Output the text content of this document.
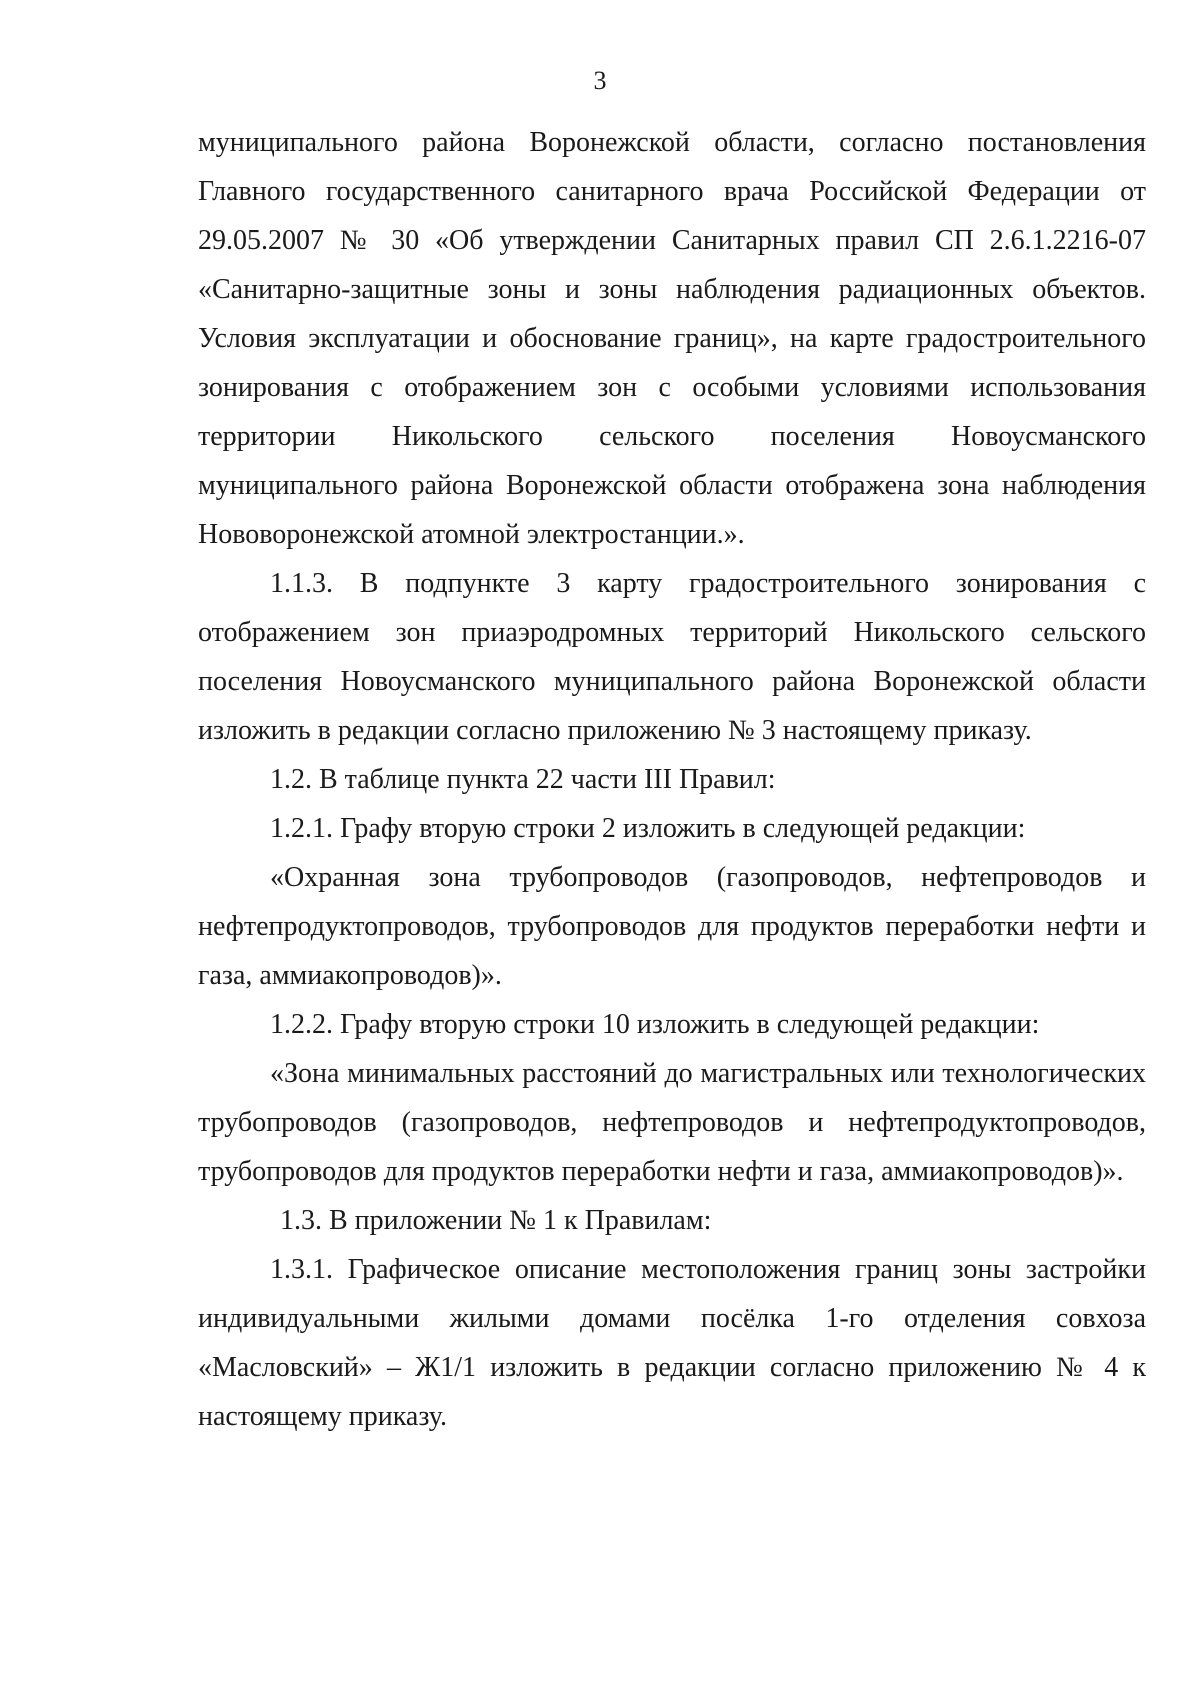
3

муниципального района Воронежской области, согласно постановления Главного государственного санитарного врача Российской Федерации от 29.05.2007 № 30 «Об утверждении Санитарных правил СП 2.6.1.2216-07 «Санитарно-защитные зоны и зоны наблюдения радиационных объектов. Условия эксплуатации и обоснование границ», на карте градостроительного зонирования с отображением зон с особыми условиями использования территории Никольского сельского поселения Новоусманского муниципального района Воронежской области отображена зона наблюдения Нововоронежской атомной электростанции.».

1.1.3. В подпункте 3 карту градостроительного зонирования с отображением зон приаэродромных территорий Никольского сельского поселения Новоусманского муниципального района Воронежской области изложить в редакции согласно приложению № 3 настоящему приказу.

1.2. В таблице пункта 22 части III Правил:

1.2.1. Графу вторую строки 2 изложить в следующей редакции:

«Охранная зона трубопроводов (газопроводов, нефтепроводов и нефтепродуктопроводов, трубопроводов для продуктов переработки нефти и газа, аммиакопроводов)».

1.2.2. Графу вторую строки 10 изложить в следующей редакции:

«Зона минимальных расстояний до магистральных или технологических трубопроводов (газопроводов, нефтепроводов и нефтепродуктопроводов, трубопроводов для продуктов переработки нефти и газа, аммиакопроводов)».

1.3. В приложении № 1 к Правилам:

1.3.1. Графическое описание местоположения границ зоны застройки индивидуальными жилыми домами посёлка 1-го отделения совхоза «Масловский» – Ж1/1 изложить в редакции согласно приложению № 4 к настоящему приказу.
